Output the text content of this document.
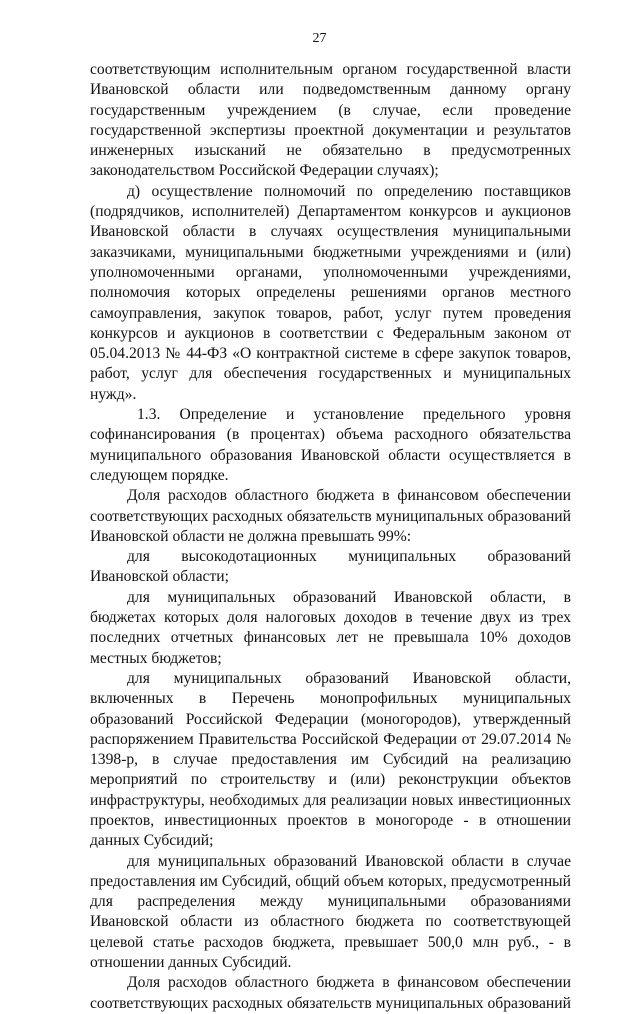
27

соответствующим исполнительным органом государственной власти Ивановской области или подведомственным данному органу государственным учреждением (в случае, если проведение государственной экспертизы проектной документации и результатов инженерных изысканий не обязательно в предусмотренных законодательством Российской Федерации случаях);

д) осуществление полномочий по определению поставщиков (подрядчиков, исполнителей) Департаментом конкурсов и аукционов Ивановской области в случаях осуществления муниципальными заказчиками, муниципальными бюджетными учреждениями и (или) уполномоченными органами, уполномоченными учреждениями, полномочия которых определены решениями органов местного самоуправления, закупок товаров, работ, услуг путем проведения конкурсов и аукционов в соответствии с Федеральным законом от 05.04.2013 № 44-ФЗ «О контрактной системе в сфере закупок товаров, работ, услуг для обеспечения государственных и муниципальных нужд».

1.3. Определение и установление предельного уровня

софинансирования (в процентах) объема расходного обязательства муниципального образования Ивановской области осуществляется в следующем порядке.

Доля расходов областного бюджета в финансовом обеспечении соответствующих расходных обязательств муниципальных образований Ивановской области не должна превышать 99%:

для высокодотационных муниципальных образований Ивановской области;

для муниципальных образований Ивановской области, в бюджетах которых доля налоговых доходов в течение двух из трех последних отчетных финансовых лет не превышала 10% доходов местных бюджетов;

для муниципальных образований Ивановской области, включенных в Перечень монопрофильных муниципальных образований Российской Федерации (моногородов), утвержденный распоряжением Правительства Российской Федерации от 29.07.2014 № 1398-р, в случае предоставления им Субсидий на реализацию мероприятий по строительству и (или) реконструкции объектов инфраструктуры, необходимых для реализации новых инвестиционных проектов, инвестиционных проектов в моногороде - в отношении данных Субсидий;

для муниципальных образований Ивановской области в случае предоставления им Субсидий, общий объем которых, предусмотренный для распределения между муниципальными образованиями Ивановской области из областного бюджета по соответствующей целевой статье расходов бюджета, превышает 500,0 млн руб., - в отношении данных Субсидий.

Доля расходов областного бюджета в финансовом обеспечении соответствующих расходных обязательств муниципальных образований
